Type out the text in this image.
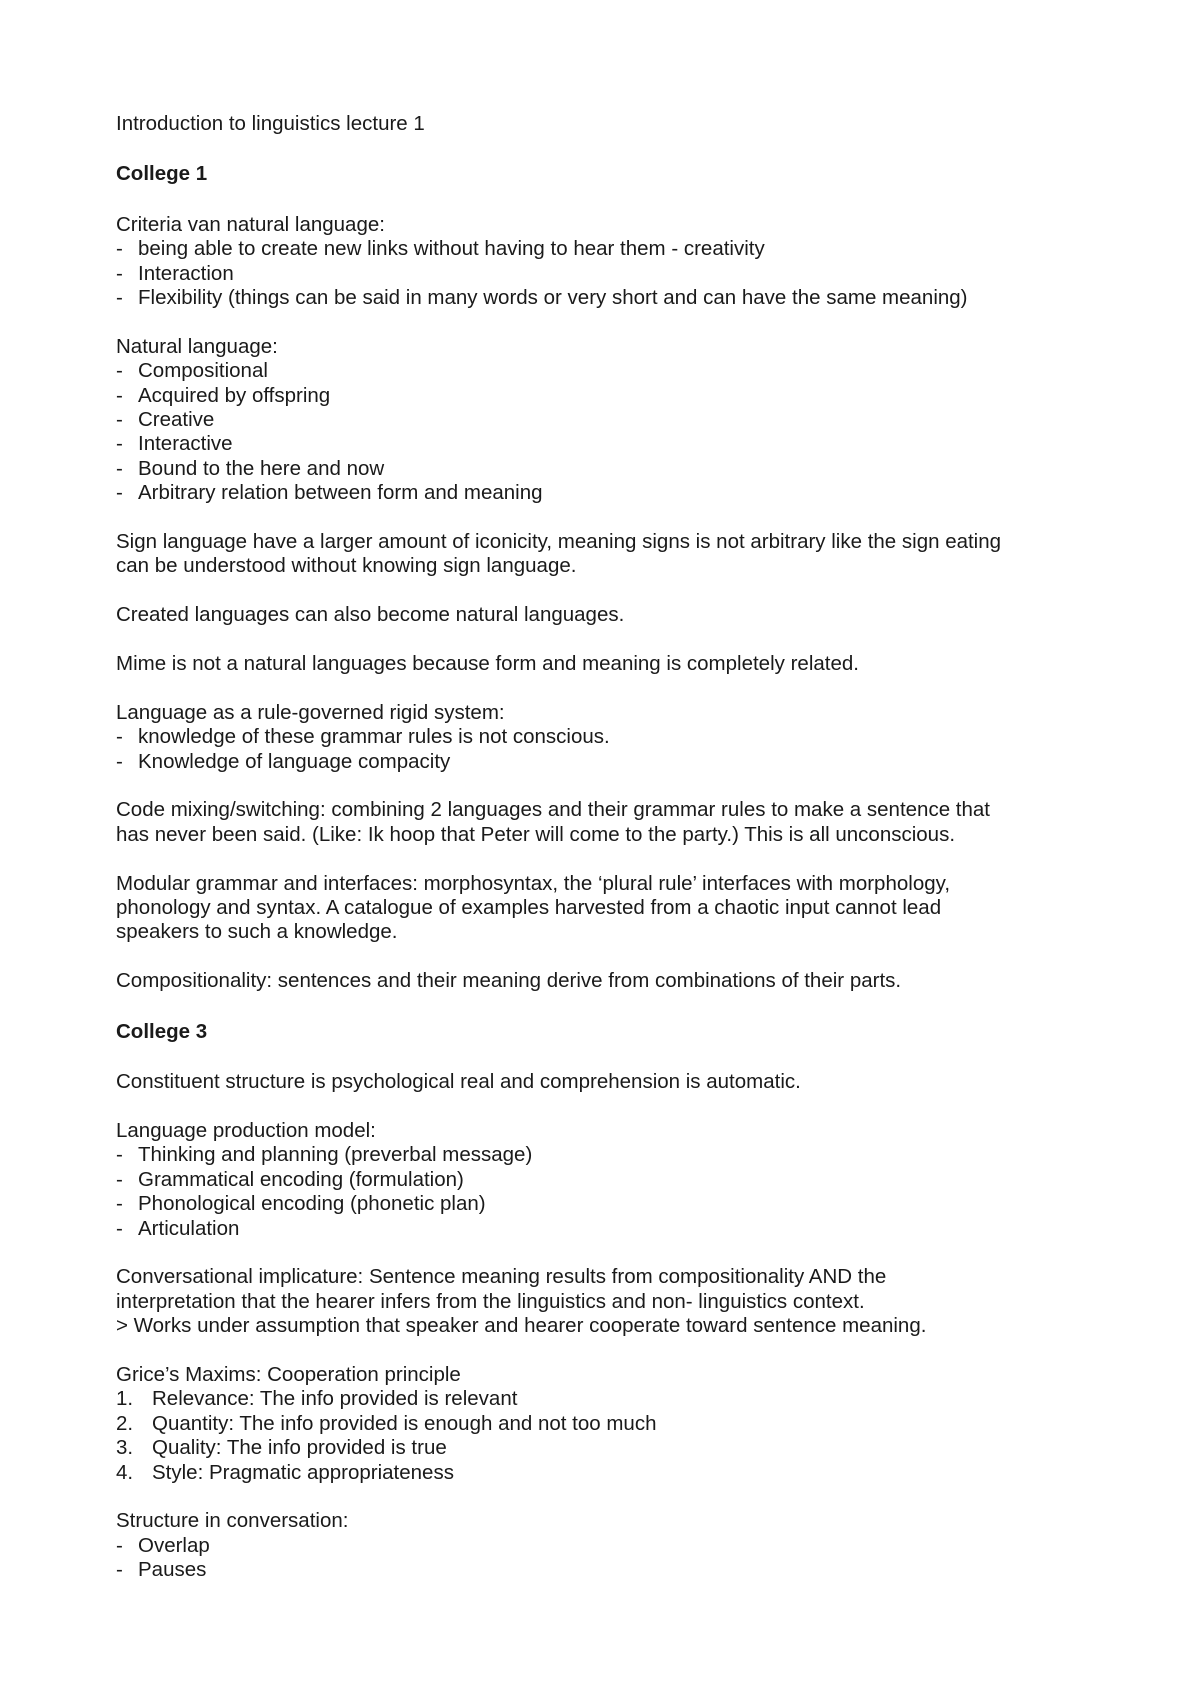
Introduction to linguistics lecture 1

College 1

Criteria van natural language:

- being able to create new links without having to hear them - creativity
- Interaction
- Flexibility (things can be said in many words or very short and can have the same meaning)

Natural language:

- Compositional
- Acquired by offspring
- Creative
- Interactive
- Bound to the here and now
- Arbitrary relation between form and meaning

Sign language have a larger amount of iconicity, meaning signs is not arbitrary like the sign eating

can be understood without knowing sign language.

Created languages can also become natural languages.

Mime is not a natural languages because form and meaning is completely related.

Language as a rule-governed rigid system:

- knowledge of these grammar rules is not conscious.
- Knowledge of language compacity

Code mixing/switching: combining 2 languages and their grammar rules to make a sentence that

has never been said. (Like: Ik hoop that Peter will come to the party.) This is all unconscious.

Modular grammar and interfaces: morphosyntax, the ‘plural rule’ interfaces with morphology,

phonology and syntax. A catalogue of examples harvested from a chaotic input cannot lead

speakers to such a knowledge.

Compositionality: sentences and their meaning derive from combinations of their parts.

College 3

Constituent structure is psychological real and comprehension is automatic.

Language production model:

- Thinking and planning (preverbal message)
- Grammatical encoding (formulation)
- Phonological encoding (phonetic plan)
- Articulation

Conversational implicature: Sentence meaning results from compositionality AND the

interpretation that the hearer infers from the linguistics and non- linguistics context.

> Works under assumption that speaker and hearer cooperate toward sentence meaning.

Grice’s Maxims: Cooperation principle

1. Relevance: The info provided is relevant
2. Quantity: The info provided is enough and not too much
3. Quality: The info provided is true
4. Style: Pragmatic appropriateness

Structure in conversation:

- Overlap
- Pauses
